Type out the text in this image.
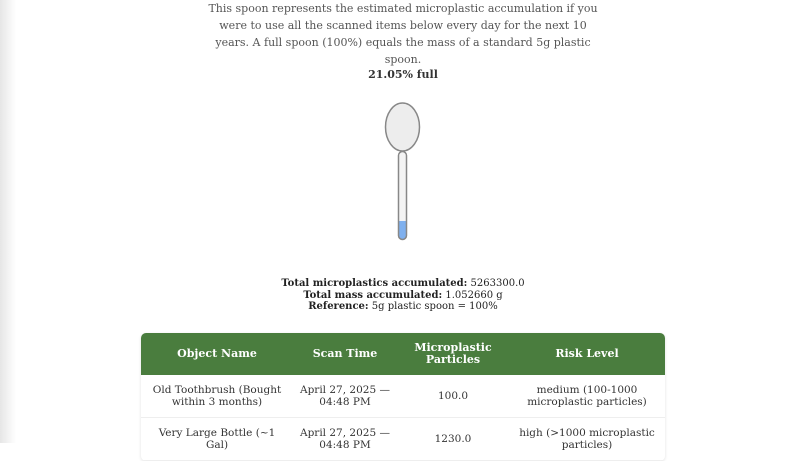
This spoon represents the estimated microplastic accumulation if you were to use all the scanned items below every day for the next 10 years. A full spoon (100%) equals the mass of a standard 5g plastic spoon.

21.05% full
Total microplastics accumulated: 5263300.0
Total mass accumulated: 1.052660 g
Reference: 5g plastic spoon = 100%
Object Name	Scan Time	Microplastic Particles	Risk Level
Old Toothbrush (Bought within 3 months)	April 27, 2025 — 04:48 PM	100.0	medium (100-1000 microplastic particles)
Very Large Bottle (~1 Gal)	April 27, 2025 — 04:48 PM	1230.0	high (>1000 microplastic particles)
